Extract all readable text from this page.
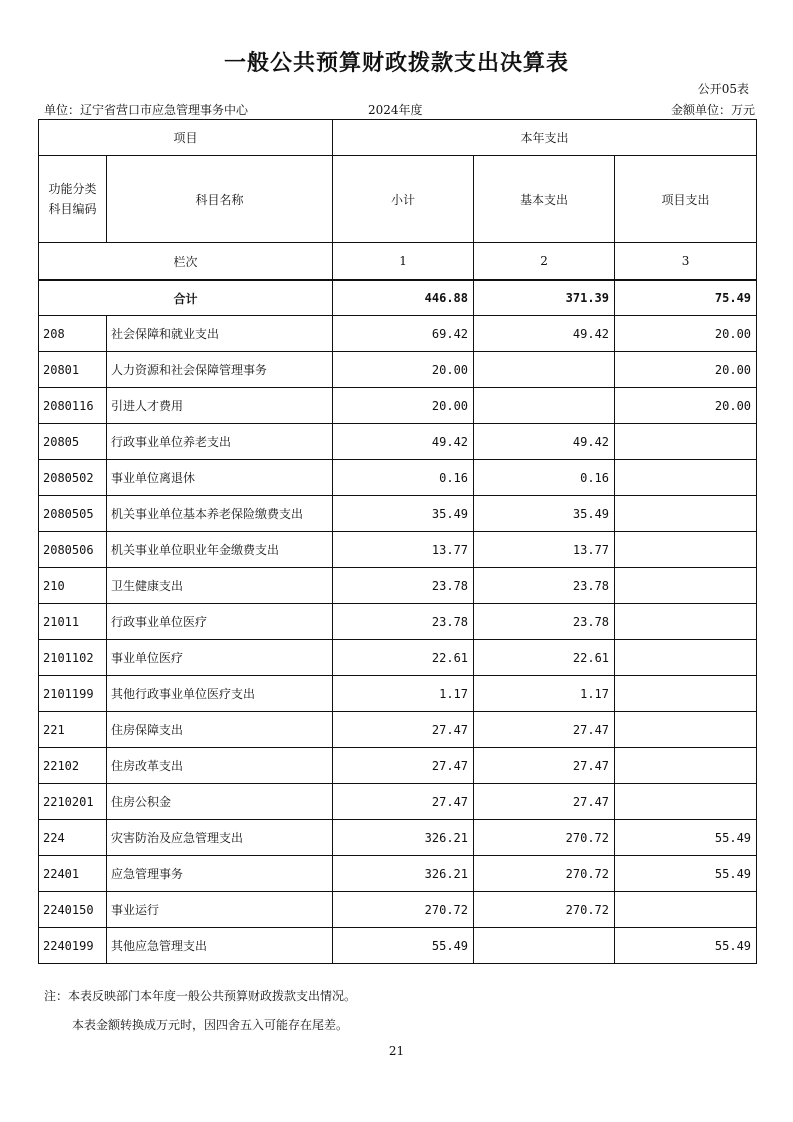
一般公共预算财政拨款支出决算表
公开05表
单位：辽宁省营口市应急管理事务中心	2024年度	金额单位：万元
项目		本年支出		

功能分类科目编码	科目名称	小计	基本支出	项目支出
栏次		1	2	3
合计		446.88	371.39	75.49
208	社会保障和就业支出	69.42	49.42	20.00
20801	人力资源和社会保障管理事务	20.00		20.00
2080116	引进人才费用	20.00		20.00
20805	行政事业单位养老支出	49.42	49.42	
2080502	事业单位离退休	0.16	0.16	
2080505	机关事业单位基本养老保险缴费支出	35.49	35.49	
2080506	机关事业单位职业年金缴费支出	13.77	13.77	
210	卫生健康支出	23.78	23.78	
21011	行政事业单位医疗	23.78	23.78	
2101102	事业单位医疗	22.61	22.61	
2101199	其他行政事业单位医疗支出	1.17	1.17	
221	住房保障支出	27.47	27.47	
22102	住房改革支出	27.47	27.47	
2210201	住房公积金	27.47	27.47	
224	灾害防治及应急管理支出	326.21	270.72	55.49
22401	应急管理事务	326.21	270.72	55.49
2240150	事业运行	270.72	270.72	
2240199	其他应急管理支出	55.49		55.49
注：本表反映部门本年度一般公共预算财政拨款支出情况。
本表金额转换成万元时，因四舍五入可能存在尾差。
21
